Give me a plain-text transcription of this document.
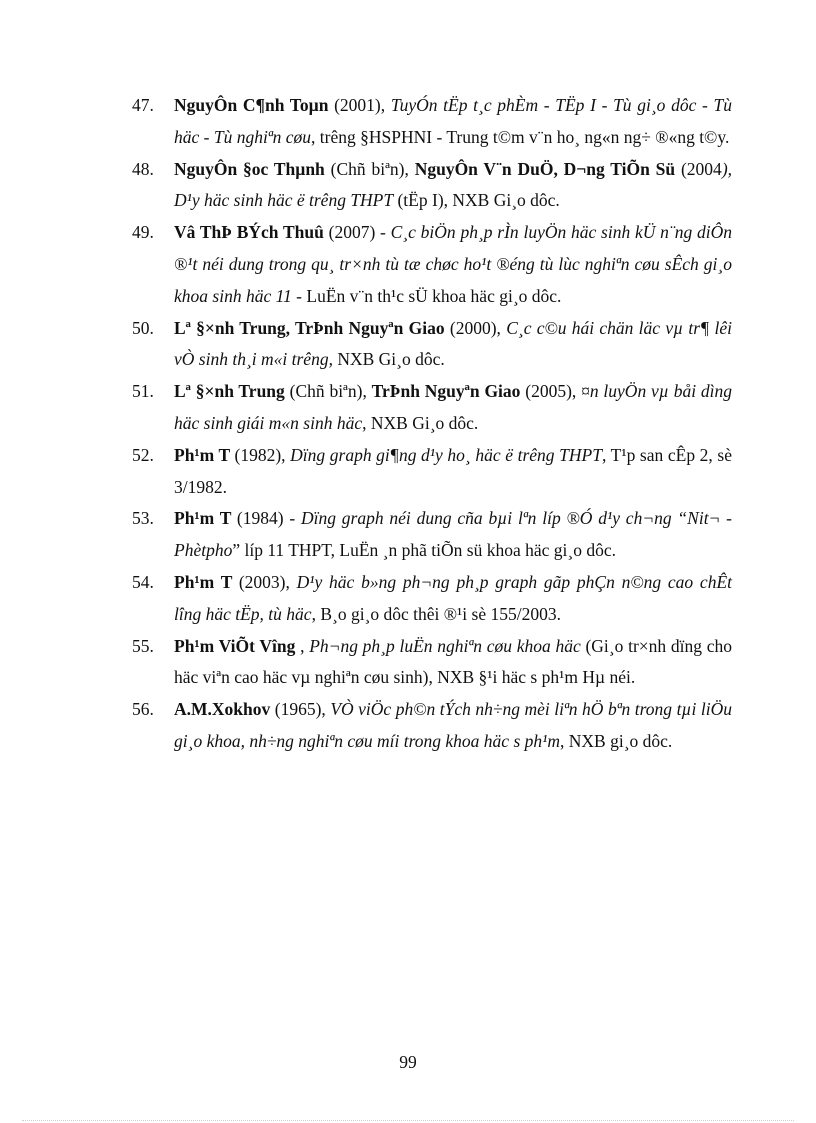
47.	NguyÔn C¶nh Toµn (2001), TuyÓn tËp t¸c phÈm - TËp I - Tù gi¸o dôc - Tù häc - Tù nghiªn cøu, trêng §HSPHNI - Trung t©m v¨n ho¸ ng«n ng÷ ®«ng t©y.
48.	NguyÔn §oc Thµnh (Chñ biªn), NguyÔn V¨n DuÖ, D¬ng TiÕn Sü (2004), D¹y häc sinh häc ë trêng THPT (tËp I), NXB Gi¸o dôc.
49.	Vâ ThÞ BÝch Thuû (2007) - C¸c biÖn ph¸p rÌn luyÖn häc sinh kÜ n¨ng diÔn ®¹t néi dung trong qu¸ tr×nh tù tæ chøc ho¹t ®éng tù lùc nghiªn cøu sÊch gi¸o khoa sinh häc 11 - LuËn v¨n th¹c sÜ khoa häc gi¸o dôc.
50.	Lª §×nh Trung, TrÞnh Nguyªn Giao (2000), C¸c c©u hái chän läc vµ tr¶ lêi vÒ sinh th¸i m«i trêng, NXB Gi¸o dôc.
51.	Lª §×nh Trung (Chñ biªn), TrÞnh Nguyªn Giao (2005), ¤n luyÖn vµ båi dìng häc sinh giái m«n sinh häc, NXB Gi¸o dôc.
52.	Ph¹m T (1982), Dïng graph gi¶ng d¹y ho¸ häc ë trêng THPT, T¹p san cÊp 2, sè 3/1982.
53.	Ph¹m T (1984) - Dïng graph néi dung cña bµi lªn líp ®Ó d¹y ch¬ng “Nit¬ - Phètpho” líp 11 THPT, LuËn ¸n phã tiÕn sü khoa häc gi¸o dôc.
54.	Ph¹m T (2003), D¹y häc b»ng ph¬ng ph¸p graph gãp phÇn n©ng cao chÊt lîng häc tËp, tù häc, B¸o gi¸o dôc thêi ®¹i sè 155/2003.
55.	Ph¹m ViÕt Vîng , Ph¬ng ph¸p luËn nghiªn cøu khoa häc (Gi¸o tr×nh dïng cho häc viªn cao häc vµ nghiªn cøu sinh), NXB §¹i häc s ph¹m Hµ néi.
56.	A.M.Xokhov (1965), VÒ viÖc ph©n tÝch nh÷ng mèi liªn hÖ bªn trong tµi liÖu gi¸o khoa, nh÷ng nghiªn cøu míi trong khoa häc s ph¹m, NXB gi¸o dôc.
99
